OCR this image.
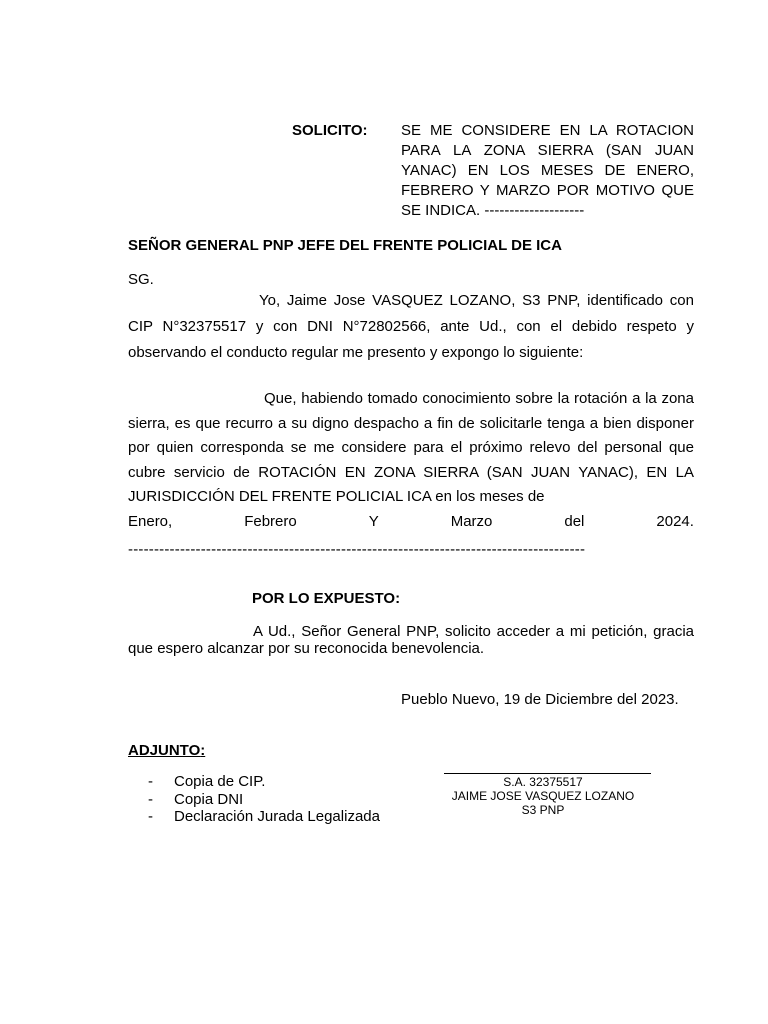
SOLICITO: SE ME CONSIDERE EN LA ROTACION PARA LA ZONA SIERRA (SAN JUAN YANAC) EN LOS MESES DE ENERO, FEBRERO Y MARZO POR MOTIVO QUE SE INDICA. --------------------
SEÑOR GENERAL PNP JEFE DEL FRENTE POLICIAL DE ICA
SG.
Yo, Jaime Jose VASQUEZ LOZANO, S3 PNP, identificado con CIP N°32375517 y con DNI N°72802566, ante Ud., con el debido respeto y observando el conducto regular me presento y expongo lo siguiente:
Que, habiendo tomado conocimiento sobre la rotación a la zona sierra, es que recurro a su digno despacho a fin de solicitarle tenga a bien disponer por quien corresponda se me considere para el próximo relevo del personal que cubre servicio de ROTACIÓN EN ZONA SIERRA (SAN JUAN YANAC), EN LA JURISDICCIÓN DEL FRENTE POLICIAL ICA en los meses de
Enero,	Febrero	Y	Marzo	del	2024.
----------------------------------------------------------------------------------------
POR LO EXPUESTO:
A Ud., Señor General PNP, solicito acceder a mi petición, gracia que espero alcanzar por su reconocida benevolencia.
Pueblo Nuevo, 19 de Diciembre del 2023.
ADJUNTO:
-	Copia de CIP.
-	Copia DNI
-	Declaración Jurada Legalizada
S.A. 32375517
JAIME JOSE VASQUEZ LOZANO
S3 PNP
